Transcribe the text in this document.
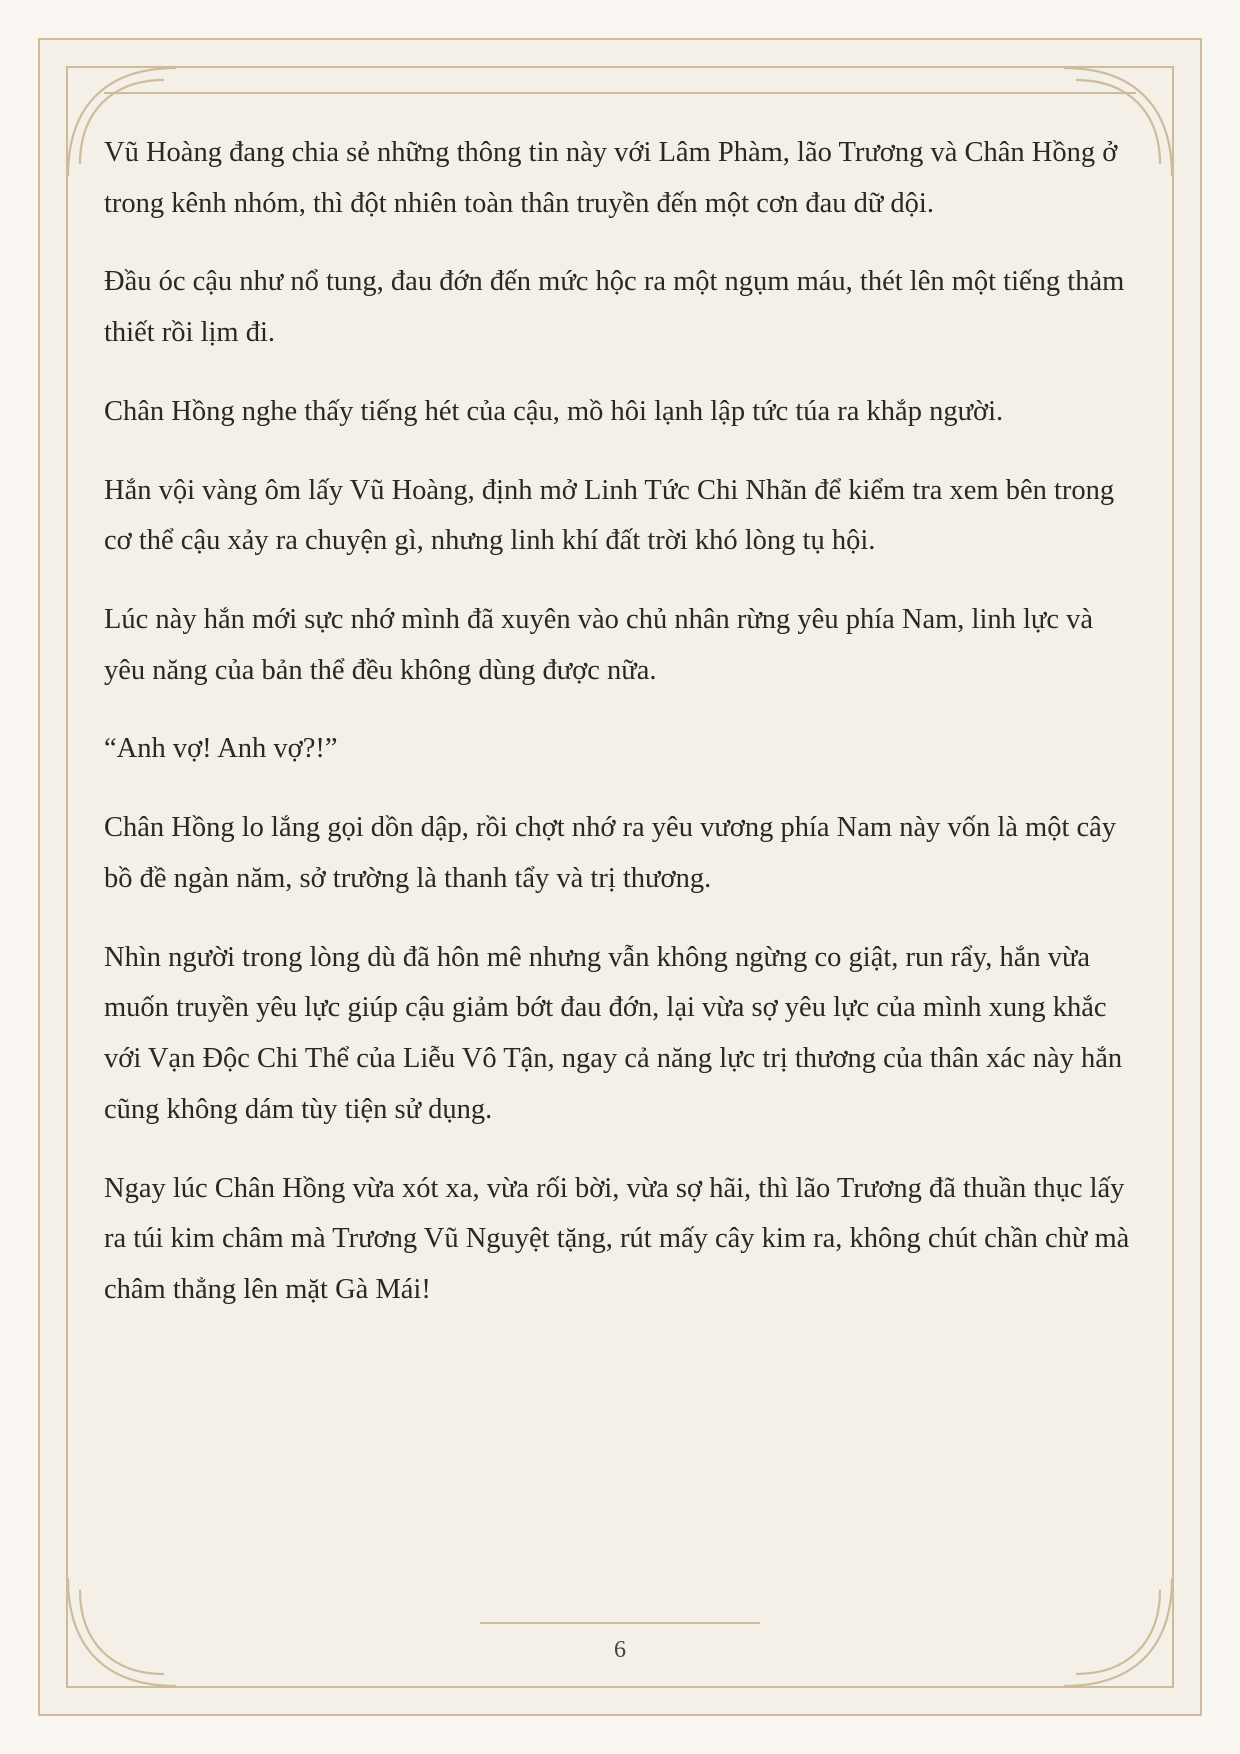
Vũ Hoàng đang chia sẻ những thông tin này với Lâm Phàm, lão Trương và Chân Hồng ở trong kênh nhóm, thì đột nhiên toàn thân truyền đến một cơn đau dữ dội.

Đầu óc cậu như nổ tung, đau đớn đến mức hộc ra một ngụm máu, thét lên một tiếng thảm thiết rồi lịm đi.

Chân Hồng nghe thấy tiếng hét của cậu, mồ hôi lạnh lập tức túa ra khắp người.

Hắn vội vàng ôm lấy Vũ Hoàng, định mở Linh Tức Chi Nhãn để kiểm tra xem bên trong cơ thể cậu xảy ra chuyện gì, nhưng linh khí đất trời khó lòng tụ hội.

Lúc này hắn mới sực nhớ mình đã xuyên vào chủ nhân rừng yêu phía Nam, linh lực và yêu năng của bản thể đều không dùng được nữa.

“Anh vợ! Anh vợ?!”

Chân Hồng lo lắng gọi dồn dập, rồi chợt nhớ ra yêu vương phía Nam này vốn là một cây bồ đề ngàn năm, sở trường là thanh tẩy và trị thương.

Nhìn người trong lòng dù đã hôn mê nhưng vẫn không ngừng co giật, run rẩy, hắn vừa muốn truyền yêu lực giúp cậu giảm bớt đau đớn, lại vừa sợ yêu lực của mình xung khắc với Vạn Độc Chi Thể của Liễu Vô Tận, ngay cả năng lực trị thương của thân xác này hắn cũng không dám tùy tiện sử dụng.

Ngay lúc Chân Hồng vừa xót xa, vừa rối bời, vừa sợ hãi, thì lão Trương đã thuần thục lấy ra túi kim châm mà Trương Vũ Nguyệt tặng, rút mấy cây kim ra, không chút chần chừ mà châm thẳng lên mặt Gà Mái!

6
